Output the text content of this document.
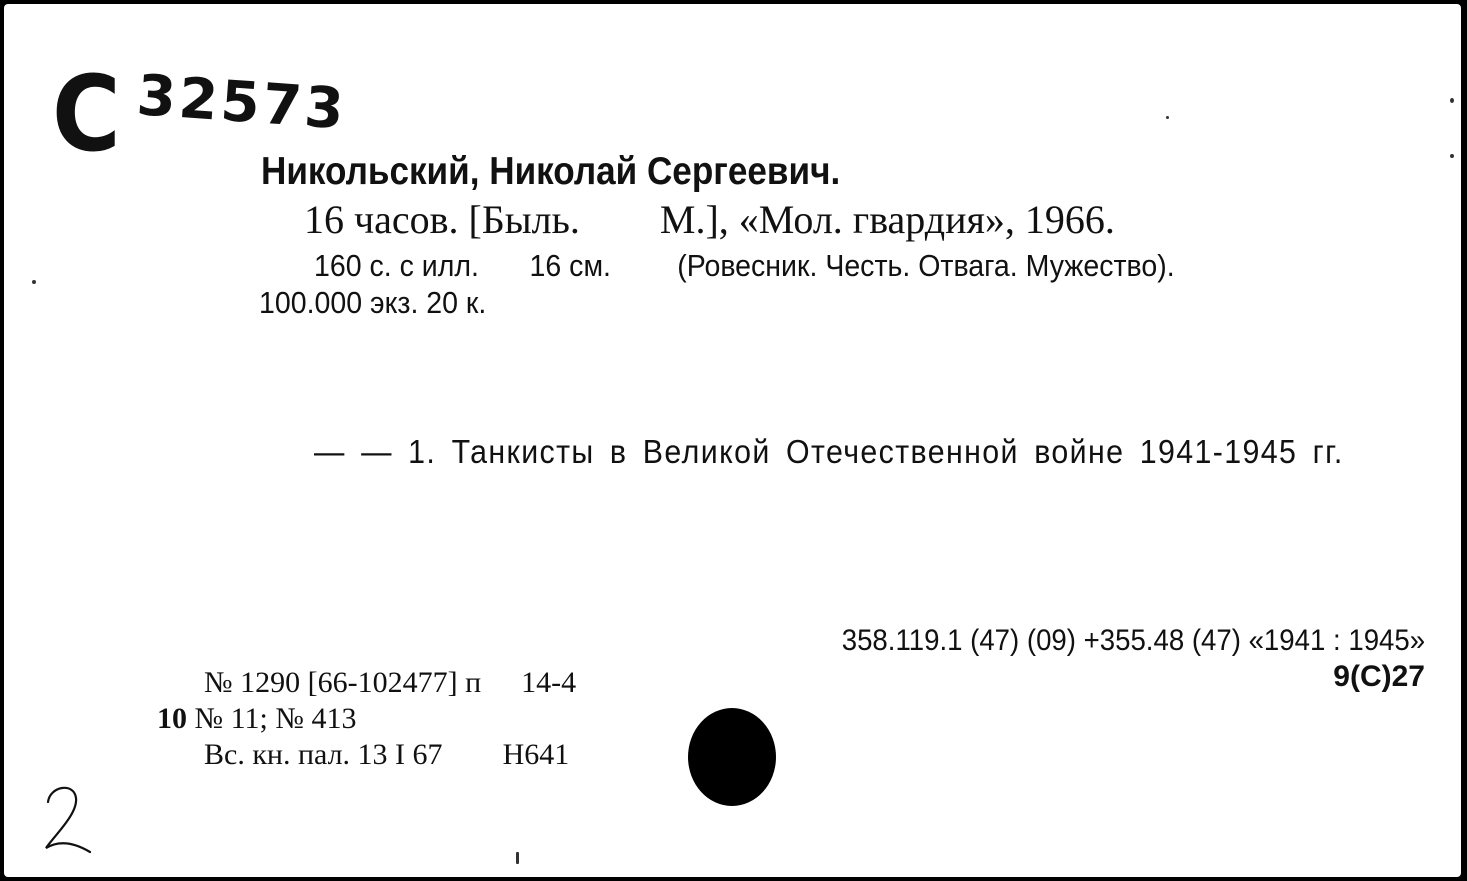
С 32573
Никольский, Николай Сергеевич.
16 часов. [Быль. М.], «Мол. гвардия», 1966.
160 с. с илл. 16 см. (Ровесник. Честь. Отвага. Мужество).
100.000 экз. 20 к.
— — 1. Танкисты в Великой Отечественной войне 1941-1945 гг.
358.119.1 (47) (09) +355.48 (47) «1941 : 1945»
9(С)27
№ 1290 [66-102477] п 14-4
10 № 11; № 413
Вс. кн. пал. 13 I 67 Н641
